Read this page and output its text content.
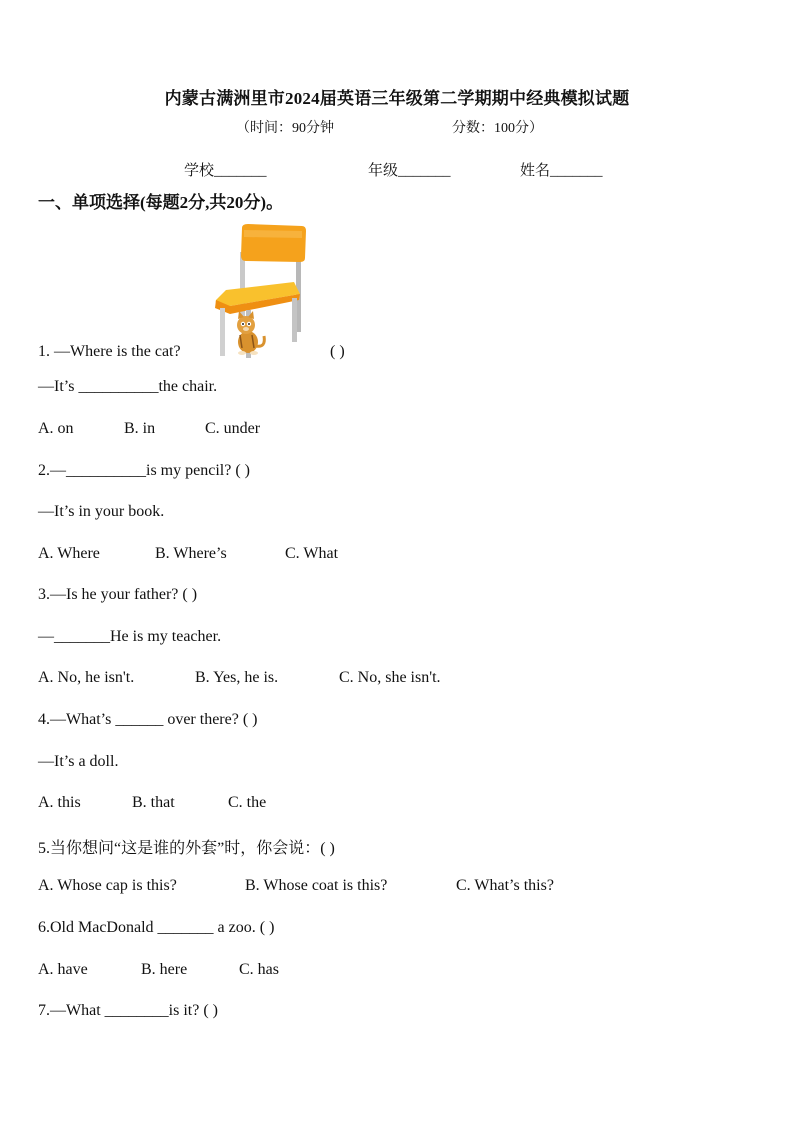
内蒙古满洲里市2024届英语三年级第二学期期中经典模拟试题
（时间：90分钟	分数：100分）
学校_______	年级_______	姓名_______
一、单项选择(每题2分,共20分)。
1. —Where is the cat?	( )
—It’s __________the chair.
A. on	B. in	C. under
2.—__________is my pencil? ( )
—It’s in your book.
A. Where	B. Where’s	C. What
3.—Is he your father? ( )
—_______He is my teacher.
A. No, he isn't.	B. Yes, he is.	C. No, she isn't.
4.—What’s ______ over there? ( )
—It’s a doll.
A. this	B. that	C. the
5.当你想问“这是谁的外套”时，你会说：( )
A. Whose cap is this?	B. Whose coat is this?	C. What’s this?
6.Old MacDonald _______ a zoo. ( )
A. have	B. here	C. has
7.—What ________is it? ( )
